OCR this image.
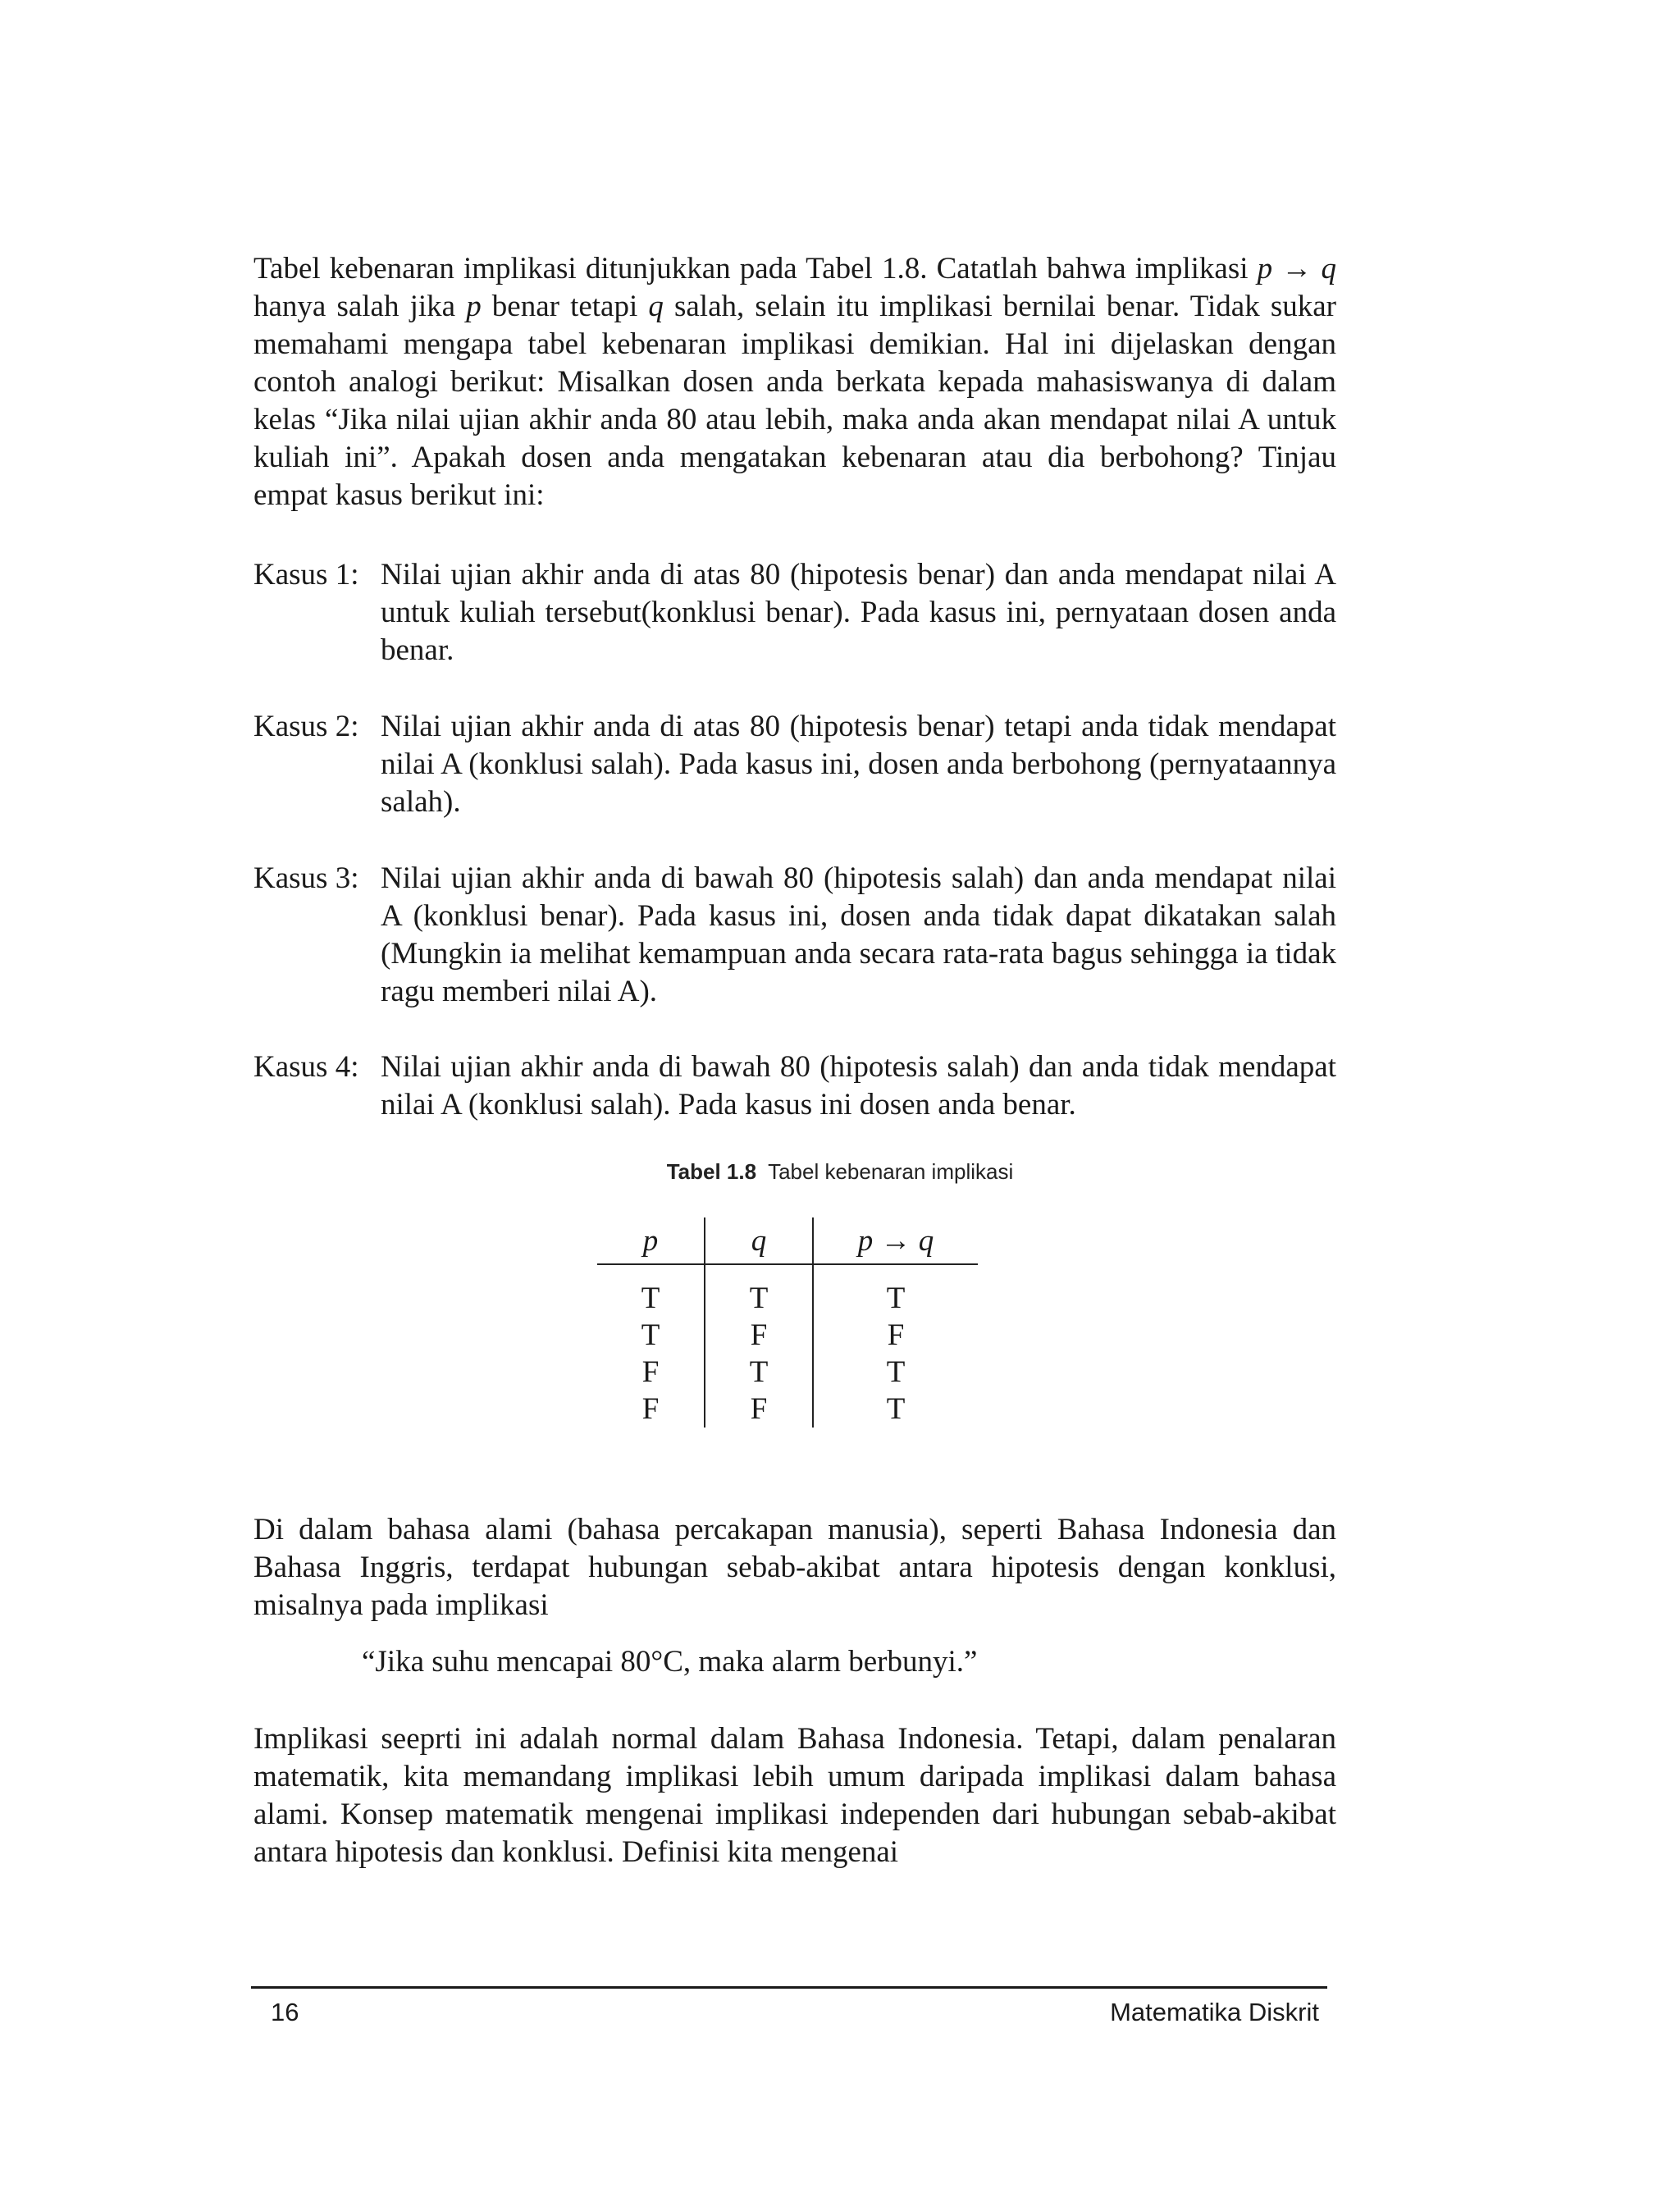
Tabel kebenaran implikasi ditunjukkan pada Tabel 1.8. Catatlah bahwa implikasi p → q hanya salah jika p benar tetapi q salah, selain itu implikasi bernilai benar. Tidak sukar memahami mengapa tabel kebenaran implikasi demikian. Hal ini dijelaskan dengan contoh analogi berikut: Misalkan dosen anda berkata kepada mahasiswanya di dalam kelas “Jika nilai ujian akhir anda 80 atau lebih, maka anda akan mendapat nilai A untuk kuliah ini”. Apakah dosen anda mengatakan kebenaran atau dia berbohong? Tinjau empat kasus berikut ini:

Kasus 1: Nilai ujian akhir anda di atas 80 (hipotesis benar) dan anda mendapat nilai A untuk kuliah tersebut(konklusi benar). Pada kasus ini, pernyataan dosen anda benar.
Kasus 2: Nilai ujian akhir anda di atas 80 (hipotesis benar) tetapi anda tidak mendapat nilai A (konklusi salah). Pada kasus ini, dosen anda berbohong (pernyataannya salah).
Kasus 3: Nilai ujian akhir anda di bawah 80 (hipotesis salah) dan anda mendapat nilai A (konklusi benar). Pada kasus ini, dosen anda tidak dapat dikatakan salah (Mungkin ia melihat kemampuan anda secara rata-rata bagus sehingga ia tidak ragu memberi nilai A).
Kasus 4: Nilai ujian akhir anda di bawah 80 (hipotesis salah) dan anda tidak mendapat nilai A (konklusi salah). Pada kasus ini dosen anda benar.
Tabel 1.8 Tabel kebenaran implikasi
p	q	p → q

T	T	T
T	F	F
F	T	T
F	F	T

Di dalam bahasa alami (bahasa percakapan manusia), seperti Bahasa Indonesia dan Bahasa Inggris, terdapat hubungan sebab-akibat antara hipotesis dengan konklusi, misalnya pada implikasi

“Jika suhu mencapai 80°C, maka alarm berbunyi.”

Implikasi seeprti ini adalah normal dalam Bahasa Indonesia. Tetapi, dalam penalaran matematik, kita memandang implikasi lebih umum daripada implikasi dalam bahasa alami. Konsep matematik mengenai implikasi independen dari hubungan sebab-akibat antara hipotesis dan konklusi. Definisi kita mengenai

16	Matematika Diskrit
